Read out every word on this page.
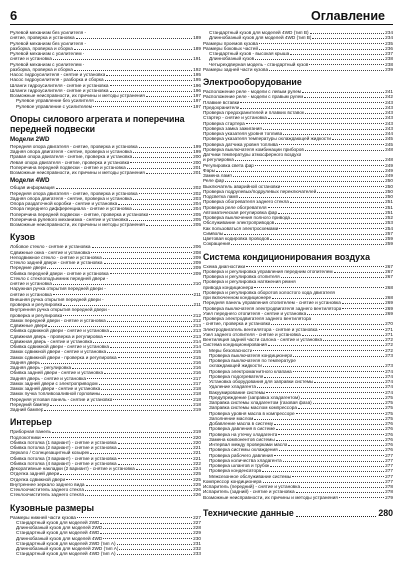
6	Оглавление
Рулевой механизм без усилителя -
снятие, проверка и установка	189
Рулевой механизм без усилителя -
разборка, проверка и сборка	189
Рулевой механизм с усилителем -
снятие и установка	191
Рулевой механизм с усилителем -
разборка, проверка и сборка	192
Насос гидроусилителя - снятие и установка	195
Насос гидроусилителя - разборка и сборка	195
Шланги гидроусилителя - снятие и установка	196
Шланги гидроусилителя - снятие и установка	196
Возможные неисправности, их причины и методы устранения	197
Рулевое управление без усилителя	197
Рулевое управление с усилителем	197
Опоры силового агрегата и поперечина передней подвески
Модели 2WD
Передняя опора двигателя - снятие, проверка и установка	199
Задняя опора двигателя - снятие, проверка и установка	199
Правая опора двигателя - снятие, проверка и установка	200
Левая опора двигателя - снятие, проверка и установка	200
Поперечина передней подвески - снятие и установка	201
Возможные неисправности, их причины и методы устранения	201
Модели 4WD
Общая информация	202
Передняя опора двигателя - снятие, проверка и установка	202
Задняя опора двигателя - снятие, проверка и установка	203
Опора раздаточной коробки - снятие и установка	204
Опора переднего дифференциала - снятие и установка	204
Поперечина передней подвески - снятие, проверка и установка	205
Поперечина рулевого механизма - снятие и установка	205
Возможные неисправности, их причины и методы устранения	205
Кузов
Лобовое стекло - снятие и установка	206
Сдвижные окна - снятие и установка	208
Неподвижное стекло - снятие и установка	209
Стекло задней двери - снятие и установка	209
Передние двери	209
Обивка передней двери - снятие и установка	209
Стекло с стеклоподъемник передней двери -
снятие и установка	210
Наружная ручка открытия передней двери -
снятие и установка	211
Внешняя ручка открытия передней двери -
проверка и регулировка	211
Внутренняя ручка открытия передней двери -
проверка и регулировка	212
Замок передней двери - снятие и установка	212
Сдвижные двери	213
Обивка сдвижной двери - снятие и установка	213
Сдвижная дверь - проверка и регулировка	213
Сдвижная дверь - снятие и установка	214
Обивка сдвижной двери - снятие и установка	214
Замок сдвижной двери - снятие и установка	215
Замок сдвижной двери - проверка и регулировка	215
Задняя дверь	216
Задняя дверь - регулировка	216
Обивка задней двери - снятие и установка	216
Задняя дверь - снятие и установка	217
Замок задней двери с электроприводом	217
Замок задней двери - снятие и установка	218
Замок пучка топливозаливной горловины	218
Передняя угловая панель - снятие и установка	218
Передний бампер	218
Задний бампер	219
Интерьер
Приборная панель	219
Подлокотники	220
Обивка потолка (1 вариант) - снятие и установка	220
Обивка потолка (2 вариант) - снятие и установка	221
Зеркало / Солнцезащитный козырек	221
Обивка потолка (3 вариант) - снятие и установка	221
Обивка потолка (4 вариант) - снятие и установка	222
Декоративные накладки (2 вариант) - снятие и установка	224
Отделка задней двери	225
Отделка сдвижной двери	225
Внутреннее зеркало заднего вида	225
Стеклоочиститель заднего стекла	226
Стеклоочиститель заднего стекла	226
Кузовные размеры
Размеры нижней части кузова	227
Стандартный кузов для моделей 2WD	227
Длиннобазный кузов для моделей 2WD	228
Стандартный кузов для моделей 4WD	229
Длиннобазный кузов для моделей 4WD	230
Стандартный кузов для моделей 2WD (тип А)	231
Длиннобазный кузов для моделей 2WD (тип А)	232
Стандартный кузов для моделей 4WD (тип А)	233
Стандартный кузов для моделей 4WD (тип В)	234
Длиннобазный кузов для моделей 4WD (тип В)	234
Размеры проемов кузова	235
Размеры боковых частей	236
Стандартный кузов - высокая крыша	237
Длиннобазный кузов	238
Четырехдверная модель - стандартный кузов	238
Размеры задней части кузова	239
Электрооборудование
Расположение реле - модели с левым рулем	241
Расположение реле - модели с правым рулем	242
Плавкие вставки	243
Предохранители	243
Проверка предохранителей и плавких вставок	243
Стартер - снятие и установка	243
Проверка стартера	243
Проверка замка зажигания	243
Проверка указателя уровня топлива	244
Проверка указателя температуры охлаждающей жидкости	245
Проверка датчика уровня топлива	245
Проверка выключателя комбинации приборов	248
Датчики температуры атмосферного воздуха
и регулировка	248
Регулировка света фар	249
Фары	249
Замена ламп	249
Реле фар	250
Выключатель аварийной остановки	250
Проверка подрулевых/подрулевых переключателей	250
Подсветка ламп	250
Проверка обогревателя заднего стекла	251
Проверка реле обогревателя	251
Автоматическая регулировка фар	251
Проверка выключения полного привода	252
Обслуживание электроприводов	253
Как пользоваться электросхемами	254
Символы	257
Цветовая кодировка проводов	259
Сокращения	259
Система кондиционирования воздуха
Схема диагностики	267
Проверка и регулировка управления передним отопителем	267
Проверка и регулировка отопителя	267
Проверка и регулировка натяжения ремня
привода кондиционера	268
Проверка и регулировка оборотов холостого хода двигателя
при включенном кондиционере	268
Передняя панель управления отопителем - снятие и установка	269
Проверка выключателя электродвигателя заднего вентилятора	269
Узел переднего отопителя - снятие и установка	269
Проверка электродвигателя заднего вентилятора
- снятие, проверка и установка	270
Электродвигатель вентилятора - снятие и установка	271
Узел заднего отопителя - снятие и установка	271
Вентиляция задней части салона - снятие и установка	272
Система кондиционирования	272
Меры безопасности	272
Проверка выключателя кондиционера	273
Проверка выключателя по температуре
охлаждающей жидкости	273
Проверка электромагнитного клапана	274
Проверка подогревателя	274
Установка оборудования для заправки системы	274
Удаление хладагента	274
Вакуумирование системы	274
Предупреждение (заправка хладагентом)	275
Заправка системы хладагентом (газовая фаза)	275
Заправка системы маслом компрессора	275
Проверка уровня масла в компрессоре	275
Заполнение маслом	275
Добавление масла в систему	276
Проверка давления в системе	276
Проверка на утечку хладагента	276
Замена компонентов системы	276
Интервал между проверками масла	276
Проверка системы охлаждения	276
Проверка рабочего давления	277
Проверка количества хладагента	277
Проверка шлангов и трубок	277
Проверка конденсатора	277
Межсезонное обслуживание системы	277
Компрессор кондиционера	277
Испаритель (передний) - снятие и установка	278
Испаритель (задний) - снятие и установка	278
Возможные неисправности, их причины и методы устранения	279
Технические данные	280
